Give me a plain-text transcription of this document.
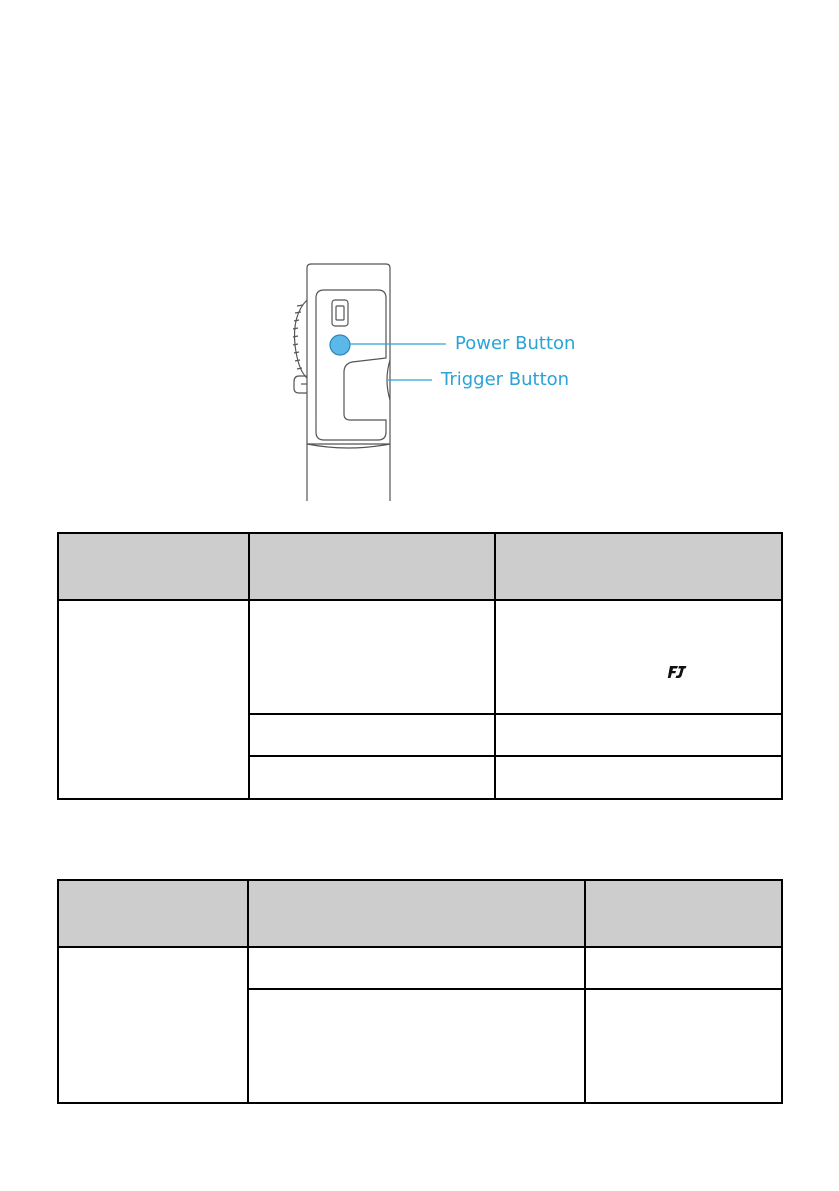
Power Button
Trigger Button
